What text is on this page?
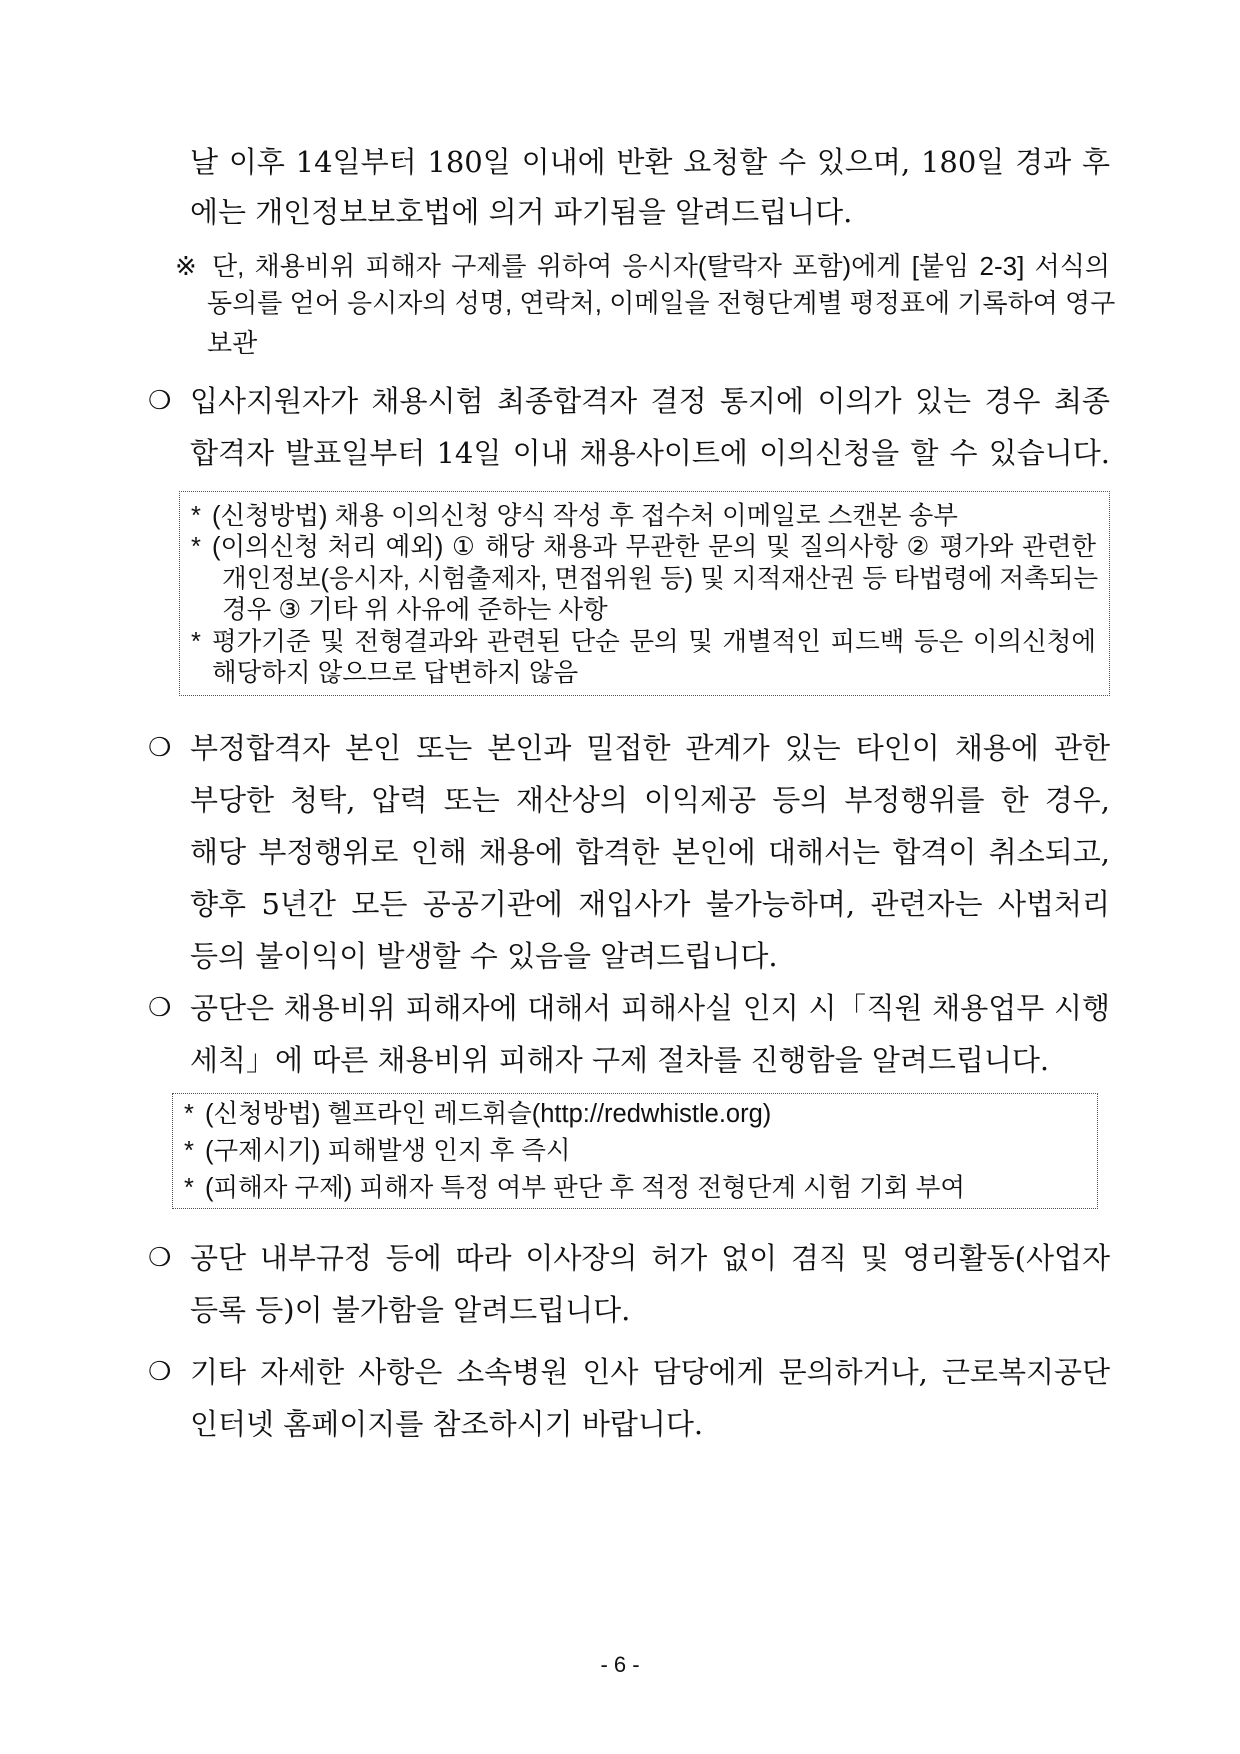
날 이후 14일부터 180일 이내에 반환 요청할 수 있으며, 180일 경과 후
에는 개인정보보호법에 의거 파기됨을 알려드립니다.
※ 단, 채용비위 피해자 구제를 위하여 응시자(탈락자 포함)에게 [붙임 2-3] 서식의
동의를 얻어 응시자의 성명, 연락처, 이메일을 전형단계별 평정표에 기록하여 영구
보관
❍ 입사지원자가 채용시험 최종합격자 결정 통지에 이의가 있는 경우 최종
합격자 발표일부터 14일 이내 채용사이트에 이의신청을 할 수 있습니다.
* (신청방법) 채용 이의신청 양식 작성 후 접수처 이메일로 스캔본 송부
* (이의신청 처리 예외) ① 해당 채용과 무관한 문의 및 질의사항 ② 평가와 관련한
개인정보(응시자, 시험출제자, 면접위원 등) 및 지적재산권 등 타법령에 저촉되는
경우 ③ 기타 위 사유에 준하는 사항
* 평가기준 및 전형결과와 관련된 단순 문의 및 개별적인 피드백 등은 이의신청에
해당하지 않으므로 답변하지 않음
❍ 부정합격자 본인 또는 본인과 밀접한 관계가 있는 타인이 채용에 관한
부당한 청탁, 압력 또는 재산상의 이익제공 등의 부정행위를 한 경우,
해당 부정행위로 인해 채용에 합격한 본인에 대해서는 합격이 취소되고,
향후 5년간 모든 공공기관에 재입사가 불가능하며, 관련자는 사법처리
등의 불이익이 발생할 수 있음을 알려드립니다.
❍ 공단은 채용비위 피해자에 대해서 피해사실 인지 시「직원 채용업무 시행
세칙」에 따른 채용비위 피해자 구제 절차를 진행함을 알려드립니다.
* (신청방법) 헬프라인 레드휘슬(http://redwhistle.org)
* (구제시기) 피해발생 인지 후 즉시
* (피해자 구제) 피해자 특정 여부 판단 후 적정 전형단계 시험 기회 부여
❍ 공단 내부규정 등에 따라 이사장의 허가 없이 겸직 및 영리활동(사업자
등록 등)이 불가함을 알려드립니다.
❍ 기타 자세한 사항은 소속병원 인사 담당에게 문의하거나, 근로복지공단
인터넷 홈페이지를 참조하시기 바랍니다.
- 6 -
